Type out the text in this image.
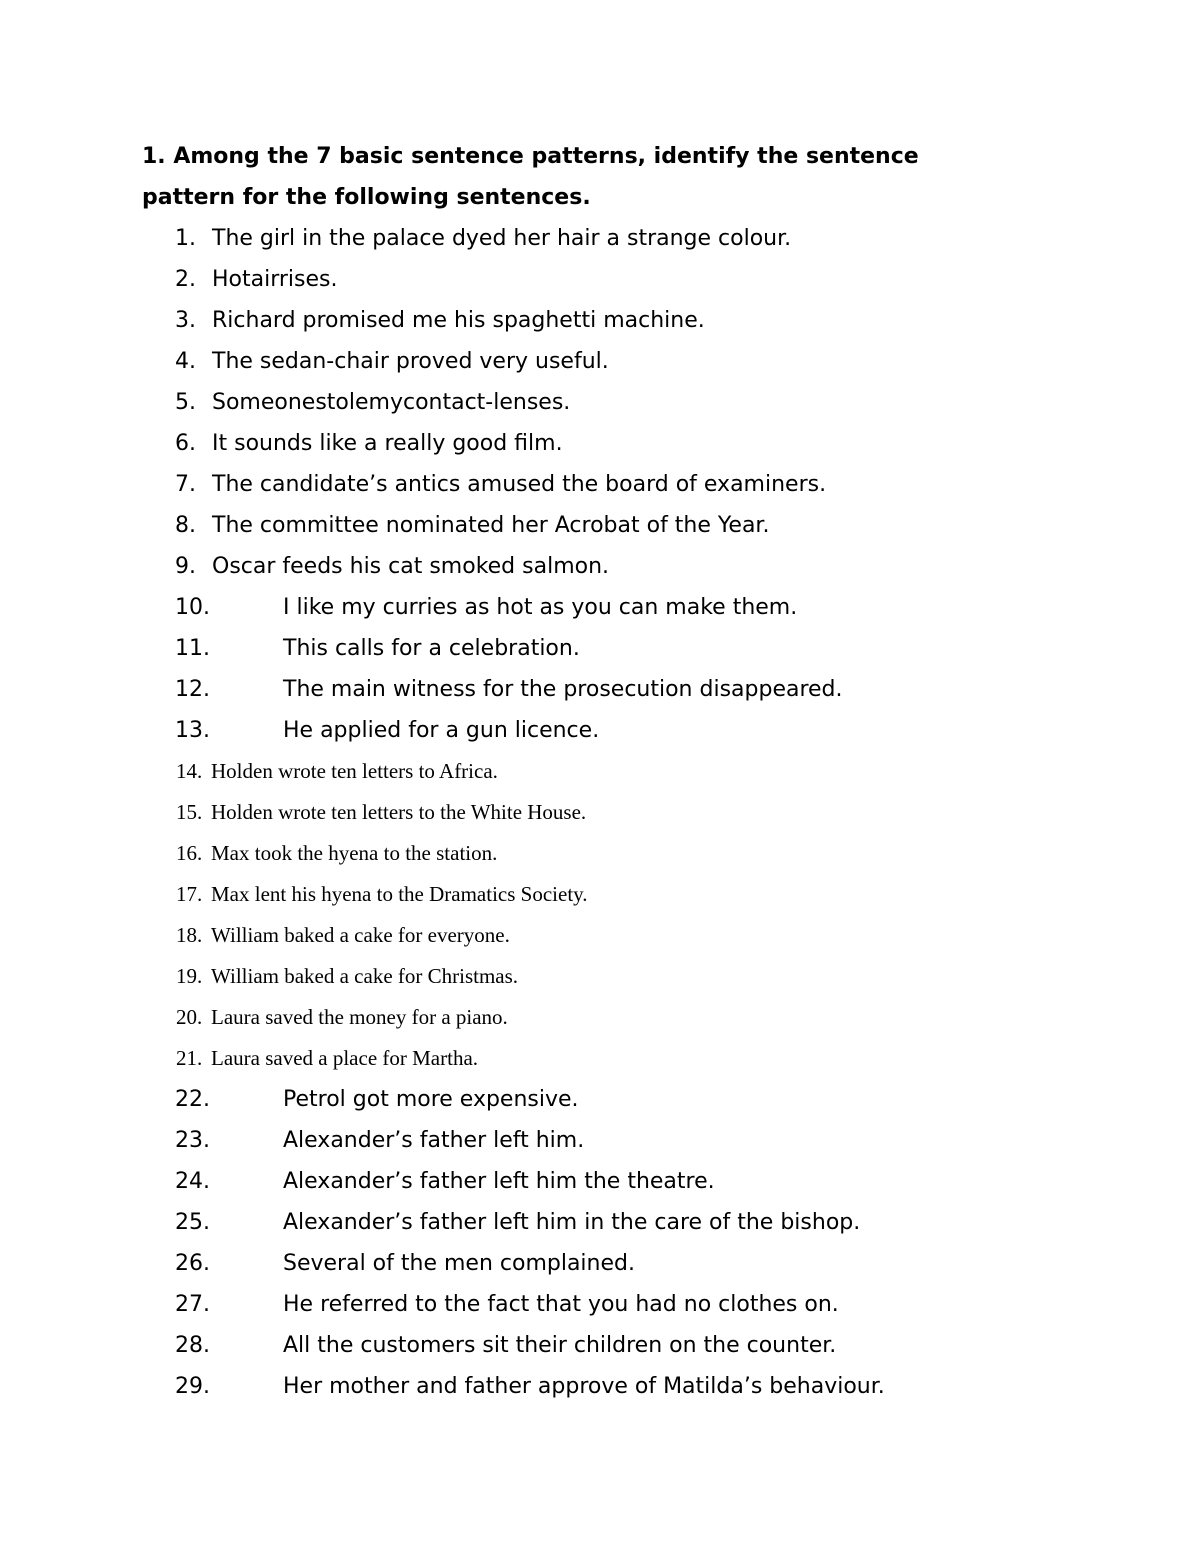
1. Among the 7 basic sentence patterns, identify the sentence
pattern for the following sentences.
1. The girl in the palace dyed her hair a strange colour.
2. Hotairrises.
3. Richard promised me his spaghetti machine.
4. The sedan-chair proved very useful.
5. Someonestolemycontact-lenses.
6. It sounds like a really good film.
7. The candidate’s antics amused the board of examiners.
8. The committee nominated her Acrobat of the Year.
9. Oscar feeds his cat smoked salmon.
10.	I like my curries as hot as you can make them.
11.	This calls for a celebration.
12.	The main witness for the prosecution disappeared.
13.	He applied for a gun licence.
14. Holden wrote ten letters to Africa.
15. Holden wrote ten letters to the White House.
16. Max took the hyena to the station.
17. Max lent his hyena to the Dramatics Society.
18. William baked a cake for everyone.
19. William baked a cake for Christmas.
20. Laura saved the money for a piano.
21. Laura saved a place for Martha.
22.	Petrol got more expensive.
23.	Alexander’s father left him.
24.	Alexander’s father left him the theatre.
25.	Alexander’s father left him in the care of the bishop.
26.	Several of the men complained.
27.	He referred to the fact that you had no clothes on.
28.	All the customers sit their children on the counter.
29.	Her mother and father approve of Matilda’s behaviour.
